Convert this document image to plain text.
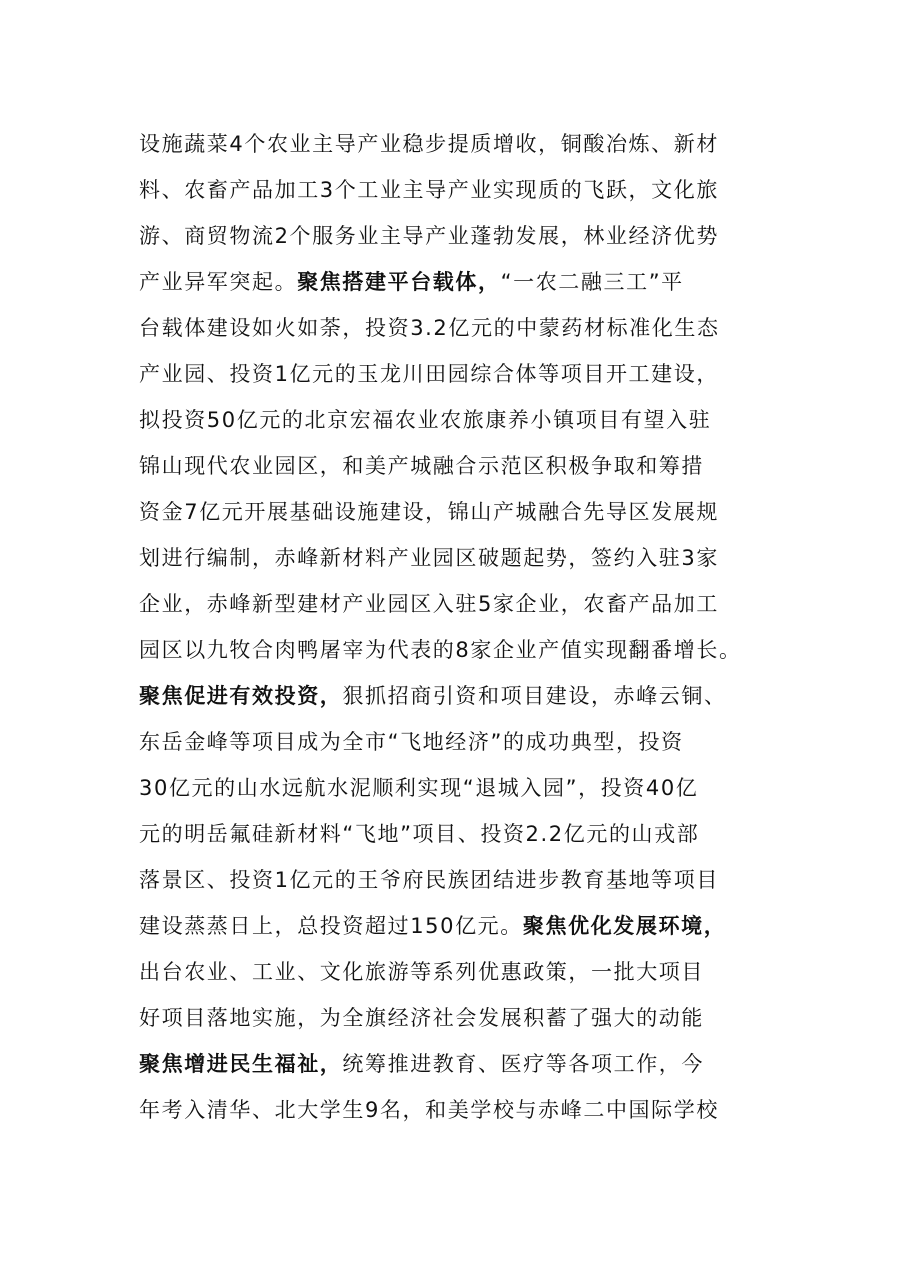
设施蔬菜4个农业主导产业稳步提质增收，铜酸冶炼、新材
料、农畜产品加工3个工业主导产业实现质的飞跃，文化旅
游、商贸物流2个服务业主导产业蓬勃发展，林业经济优势
产业异军突起。聚焦搭建平台载体，“一农二融三工”平
台载体建设如火如荼，投资3.2亿元的中蒙药材标准化生态
产业园、投资1亿元的玉龙川田园综合体等项目开工建设，
拟投资50亿元的北京宏福农业农旅康养小镇项目有望入驻
锦山现代农业园区，和美产城融合示范区积极争取和筹措
资金7亿元开展基础设施建设，锦山产城融合先导区发展规
划进行编制，赤峰新材料产业园区破题起势，签约入驻3家
企业，赤峰新型建材产业园区入驻5家企业，农畜产品加工
园区以九牧合肉鸭屠宰为代表的8家企业产值实现翻番增长。
聚焦促进有效投资，狠抓招商引资和项目建设，赤峰云铜、
东岳金峰等项目成为全市“飞地经济”的成功典型，投资
30亿元的山水远航水泥顺利实现“退城入园”，投资40亿
元的明岳氟硅新材料“飞地”项目、投资2.2亿元的山戎部
落景区、投资1亿元的王爷府民族团结进步教育基地等项目
建设蒸蒸日上，总投资超过150亿元。聚焦优化发展环境，
出台农业、工业、文化旅游等系列优惠政策，一批大项目
好项目落地实施，为全旗经济社会发展积蓄了强大的动能
聚焦增进民生福祉，统筹推进教育、医疗等各项工作，今
年考入清华、北大学生9名，和美学校与赤峰二中国际学校
